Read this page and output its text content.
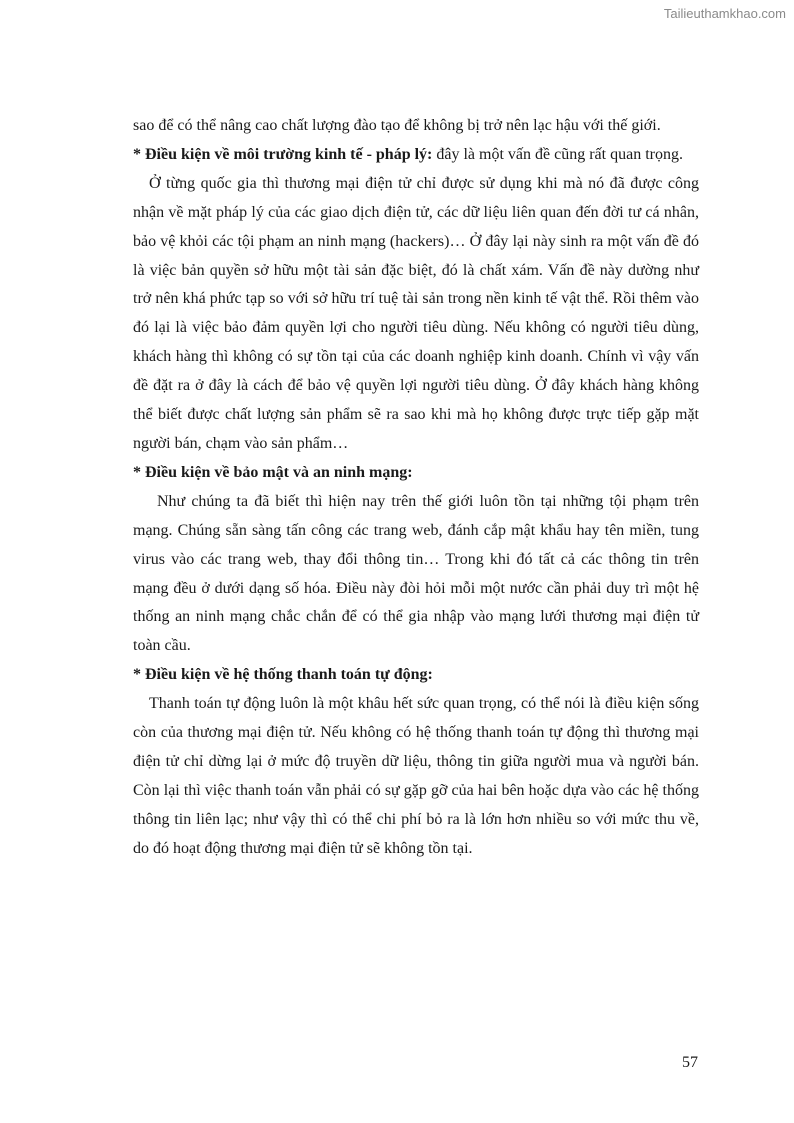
Tailieuthamkhao.com

sao để có thể nâng cao chất lượng đào tạo để không bị trở nên lạc hậu với thế giới.

* Điều kiện về môi trường kinh tế - pháp lý: đây là một vấn đề cũng rất quan trọng.

Ở từng quốc gia thì thương mại điện tử chỉ được sử dụng khi mà nó đã được công nhận về mặt pháp lý của các giao dịch điện tử, các dữ liệu liên quan đến đời tư cá nhân, bảo vệ khỏi các tội phạm an ninh mạng (hackers)… Ở đây lại này sinh ra một vấn đề đó là việc bản quyền sở hữu một tài sản đặc biệt, đó là chất xám. Vấn đề này dường như trở nên khá phức tạp so với sở hữu trí tuệ tài sản trong nền kinh tế vật thể. Rồi thêm vào đó lại là việc bảo đảm quyền lợi cho người tiêu dùng. Nếu không có người tiêu dùng, khách hàng thì không có sự tồn tại của các doanh nghiệp kinh doanh. Chính vì vậy vấn đề đặt ra ở đây là cách để bảo vệ quyền lợi người tiêu dùng. Ở đây khách hàng không thể biết được chất lượng sản phẩm sẽ ra sao khi mà họ không được trực tiếp gặp mặt người bán, chạm vào sản phẩm…

* Điều kiện về bảo mật và an ninh mạng:

Như chúng ta đã biết thì hiện nay trên thế giới luôn tồn tại những tội phạm trên mạng. Chúng sẵn sàng tấn công các trang web, đánh cắp mật khẩu hay tên miền, tung virus vào các trang web, thay đổi thông tin… Trong khi đó tất cả các thông tin trên mạng đều ở dưới dạng số hóa. Điều này đòi hỏi mỗi một nước cần phải duy trì một hệ thống an ninh mạng chắc chắn để có thể gia nhập vào mạng lưới thương mại điện tử toàn cầu.

* Điều kiện về hệ thống thanh toán tự động:

Thanh toán tự động luôn là một khâu hết sức quan trọng, có thể nói là điều kiện sống còn của thương mại điện tử. Nếu không có hệ thống thanh toán tự động thì thương mại điện tử chỉ dừng lại ở mức độ truyền dữ liệu, thông tin giữa người mua và người bán. Còn lại thì việc thanh toán vẫn phải có sự gặp gỡ của hai bên hoặc dựa vào các hệ thống thông tin liên lạc; như vậy thì có thể chi phí bỏ ra là lớn hơn nhiều so với mức thu về, do đó hoạt động thương mại điện tử sẽ không tồn tại.

57
